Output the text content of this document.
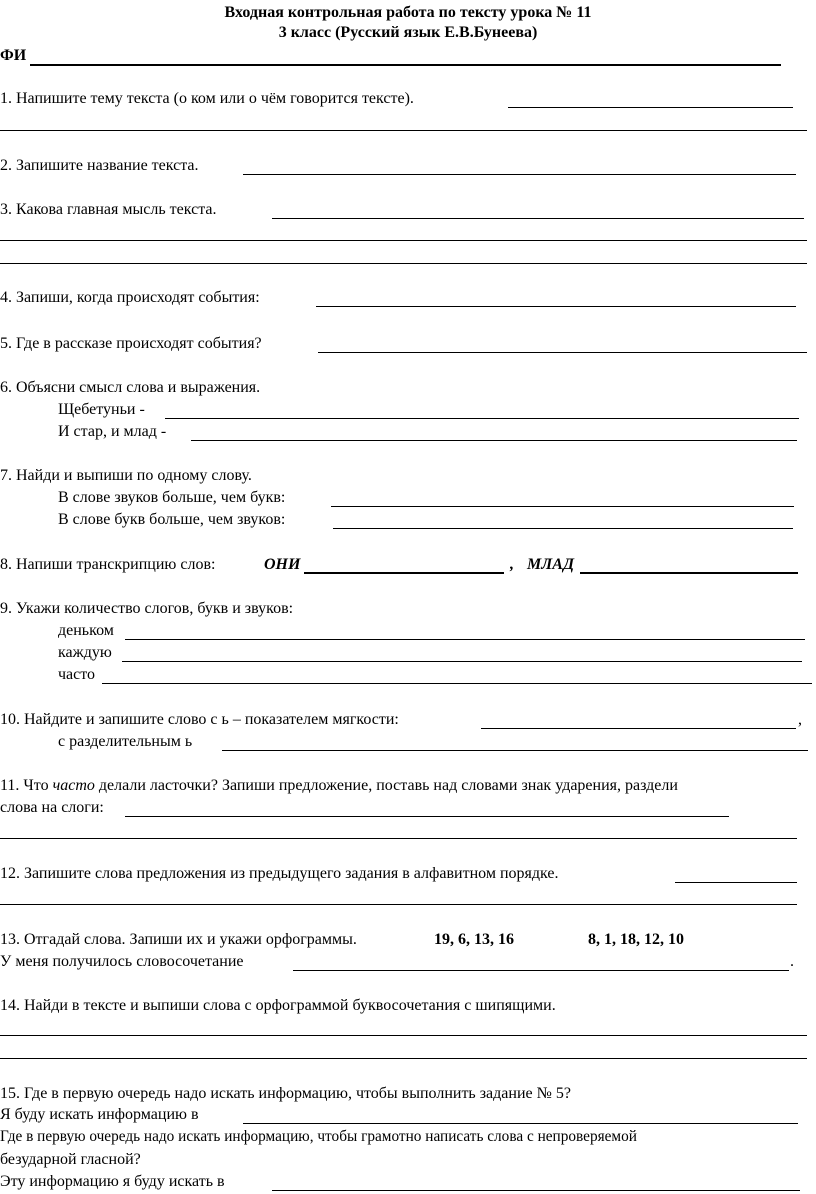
Входная контрольная работа по тексту урока № 11
3 класс (Русский язык Е.В.Бунеева)
ФИ
1. Напишите тему текста (о ком или о чём говорится тексте).
2. Запишите название текста.
3. Какова главная мысль текста.
4. Запиши, когда происходят события:
5. Где в рассказе происходят события?
6. Объясни смысл слова и выражения.
Щебетуньи -
И стар, и млад -
7. Найди и выпиши по одному слову.
В слове звуков больше, чем букв:
В слове букв больше, чем звуков:
8. Напиши транскрипцию слов:	ОНИ	, МЛАД
9. Укажи количество слогов, букв и звуков:
деньком
каждую
часто
10. Найдите и запишите слово с ь – показателем мягкости:	,
с разделительным ь
11. Что часто делали ласточки? Запиши предложение, поставь над словами знак ударения, раздели
слова на слоги:
12. Запишите слова предложения из предыдущего задания в алфавитном порядке.
13. Отгадай слова. Запиши их и укажи орфограммы.	19, 6, 13, 16	8, 1, 18, 12, 10
У меня получилось словосочетание	.
14. Найди в тексте и выпиши слова с орфограммой буквосочетания с шипящими.
15. Где в первую очередь надо искать информацию, чтобы выполнить задание № 5?
Я буду искать информацию в
Где в первую очередь надо искать информацию, чтобы грамотно написать слова с непроверяемой
безударной гласной?
Эту информацию я буду искать в
